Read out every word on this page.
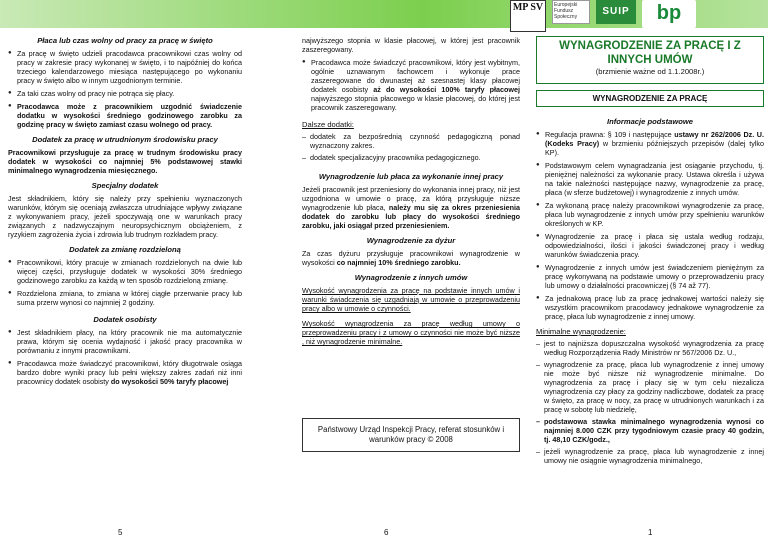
MP SV	Europejski Fundusz Społeczny	SUIP	bp
Płaca lub czas wolny od pracy za pracę w święto
● Za pracę w święto udzieli pracodawca pracownikowi czas wolny od pracy w zakresie pracy wykonanej w święto, i to najpóźniej do końca trzeciego kalendarzowego miesiąca następującego po wykonaniu pracy w święto albo w innym uzgodnionym terminie.
● Za taki czas wolny od pracy nie potrąca się płacy.
● Pracodawca może z pracownikiem uzgodnić świadczenie dodatku w wysokości średniego godzinowego zarobku za godzinę pracy w święto zamiast czasu wolnego od pracy.
Dodatek za pracę w utrudnionym środowisku pracy

Pracownikowi przysługuje za pracę w trudnym środowisku pracy dodatek w wysokości co najmniej 5% podstawowej stawki minimalnego wynagrodzenia miesięcznego.

Specjalny dodatek

Jest składnikiem, który się należy przy spełnieniu wyznaczonych warunków, którym się oceniają zwłaszcza utrudniające wpływy związane z wykonywaniem pracy, jeżeli spoczywają one w warunkach pracy związanych z nadzwyczajnym neuropsychicznym obciążeniem, z ryzykiem zagrożenia życia i zdrowia lub trudnym rozkładem pracy.

Dodatek za zmianę rozdzieloną
● Pracownikowi, który pracuje w zmianach rozdzielonych na dwie lub więcej części, przysługuje dodatek w wysokości 30% średniego godzinowego zarobku za każdą w ten sposób rozdzieloną zmianę.
● Rozdzielona zmiana, to zmiana w której ciągłe przerwanie pracy lub suma przerw wynosi co najmniej 2 godziny.
Dodatek osobisty
● Jest składnikiem płacy, na który pracownik nie ma automatycznie prawa, którym się ocenia wydajność i jakość pracy pracownika w porównaniu z innymi pracownikami.
● Pracodawca może świadczyć pracownikowi, który długotrwale osiąga bardzo dobre wyniki pracy lub pełni większy zakres zadań niż inni pracownicy dodatek osobisty do wysokości 50% taryfy płacowej
5

najwyższego stopnia w klasie płacowej, w której jest pracownik zaszeregowany.

● Pracodawca może świadczyć pracownikowi, który jest wybitnym, ogólnie uznawanym fachowcem i wykonuje prace zaszeregowane do dwunastej aż szesnastej klasy płacowej dodatek osobisty aż do wysokości 100% taryfy płacowej najwyższego stopnia płacowego w klasie płacowej, do której jest pracownik zaszeregowany.
Dalsze dodatki:
– dodatek za bezpośrednią czynność pedagogiczną ponad wyznaczony zakres.
– dodatek specjalizacyjny pracownika pedagogicznego.
Wynagrodzenie lub płaca za wykonanie innej pracy

Jeżeli pracownik jest przeniesiony do wykonania innej pracy, niż jest uzgodniona w umowie o pracę, za którą przysługuje niższe wynagrodzenie lub płaca, należy mu się za okres przeniesienia dodatek do zarobku lub płacy do wysokości średniego zarobku, jaki osiągał przed przeniesieniem.

Wynagrodzenie za dyżur

Za czas dyżuru przysługuje pracownikowi wynagrodzenie w wysokości co najmniej 10% średniego zarobku.

Wynagrodzenie z innych umów

Wysokość wynagrodzenia za pracę na podstawie innych umów i warunki świadczenia się uzgadniają w umowie o przeprowadzeniu pracy albo w umowie o czynności.

Wysokość wynagrodzenia za pracę według umowy o przeprowadzeniu pracy i z umowy o czynności nie może być niższe , niż wynagrodzenie minimalne.

Państwowy Urząd Inspekcji Pracy, referat stosunków i warunków pracy © 2008
6
WYNAGRODZENIE ZA PRACĘ I Z INNYCH UMÓW
(brzmienie ważne od 1.1.2008r.)
WYNAGRODZENIE ZA PRACĘ
Informacje podstawowe
● Regulacja prawna: § 109 i następujące ustawy nr 262/2006 Dz. U. (Kodeks Pracy) w brzmieniu późniejszych przepisów (dalej tylko KP).
● Podstawowym celem wynagradzania jest osiąganie przychodu, tj. pieniężnej należności za wykonanie pracy. Ustawa określa i używa na takie należności następujące nazwy, wynagrodzenie za pracę, płaca (w sferze budżetowej) i wynagrodzenie z innych umów.
● Za wykonaną pracę należy pracownikowi wynagrodzenie za pracę, płaca lub wynagrodzenie z innych umów przy spełnieniu warunków określonych w KP.
● Wynagrodzenie za pracę i płaca się ustala według rodzaju, odpowiedzialności, ilości i jakości świadczonej pracy i według warunków świadczenia pracy.
● Wynagrodzenie z innych umów jest świadczeniem pieniężnym za pracę wykonywaną na podstawie umowy o przeprowadzeniu pracy lub umowy o działalności pracowniczej (§ 74 až 77).
● Za jednakową pracę lub za pracę jednakowej wartości należy się wszystkim pracownikom pracodawcy jednakowe wynagrodzenie za pracę, płaca lub wynagrodzenie z innej umowy.
Minimalne wynagrodzenie:
– jest to najniższa dopuszczalna wysokość wynagrodzenia za pracę według Rozporządzenia Rady Ministrów nr 567/2006 Dz. U.,
– wynagrodzenie za pracę, płaca lub wynagrodzenie z innej umowy nie może być niższe niż wynagrodzenie minimalne. Do wynagrodzenia za pracę i płacy się w tym celu niezalicza wynagrodzenia czy płacy za godziny nadliczbowe, dodatek za pracę w święto, za pracę w nocy, za pracę w utrudnionych warunkach i za pracę w sobotę lub niedzielę,
– podstawowa stawka minimalnego wynagrodzenia wynosi co najmniej 8.000 CZK przy tygodniowym czasie pracy 40 godzin, tj. 48,10 CZK/godz.,
– jeżeli wynagrodzenie za pracę, płaca lub wynagrodzenie z innej umowy nie osiągnie wynagrodzenia minimalnego,
1
